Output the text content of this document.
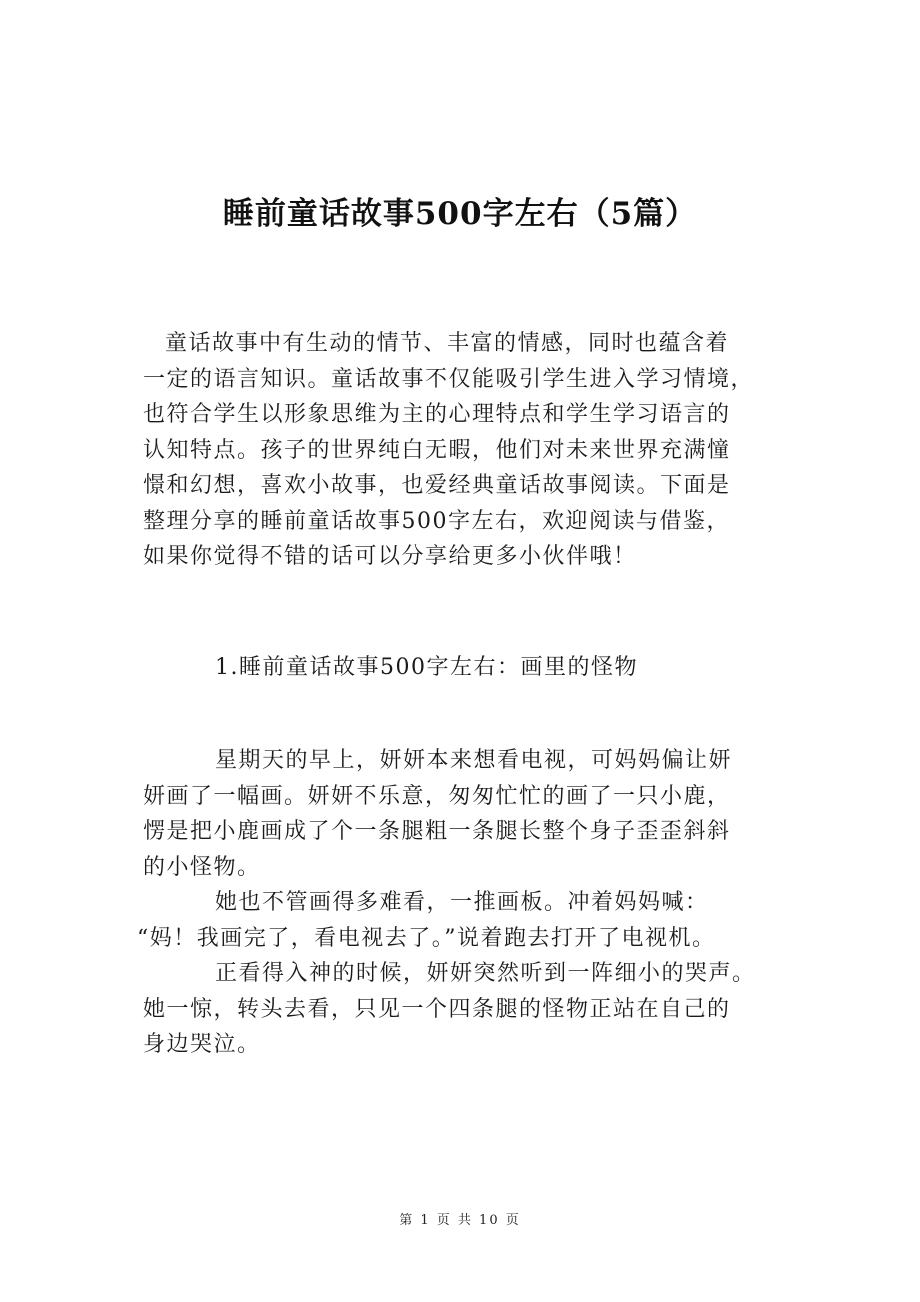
睡前童话故事500字左右（5篇）
童话故事中有生动的情节、丰富的情感，同时也蕴含着
一定的语言知识。童话故事不仅能吸引学生进入学习情境，
也符合学生以形象思维为主的心理特点和学生学习语言的
认知特点。孩子的世界纯白无暇，他们对未来世界充满憧
憬和幻想，喜欢小故事，也爱经典童话故事阅读。下面是
整理分享的睡前童话故事500字左右，欢迎阅读与借鉴，
如果你觉得不错的话可以分享给更多小伙伴哦！
1.睡前童话故事500字左右：画里的怪物
星期天的早上，妍妍本来想看电视，可妈妈偏让妍
妍画了一幅画。妍妍不乐意，匆匆忙忙的画了一只小鹿，
愣是把小鹿画成了个一条腿粗一条腿长整个身子歪歪斜斜
的小怪物。
她也不管画得多难看，一推画板。冲着妈妈喊：
“妈！我画完了，看电视去了。”说着跑去打开了电视机。
正看得入神的时候，妍妍突然听到一阵细小的哭声。
她一惊，转头去看，只见一个四条腿的怪物正站在自己的
身边哭泣。
第 1 页 共 10 页
